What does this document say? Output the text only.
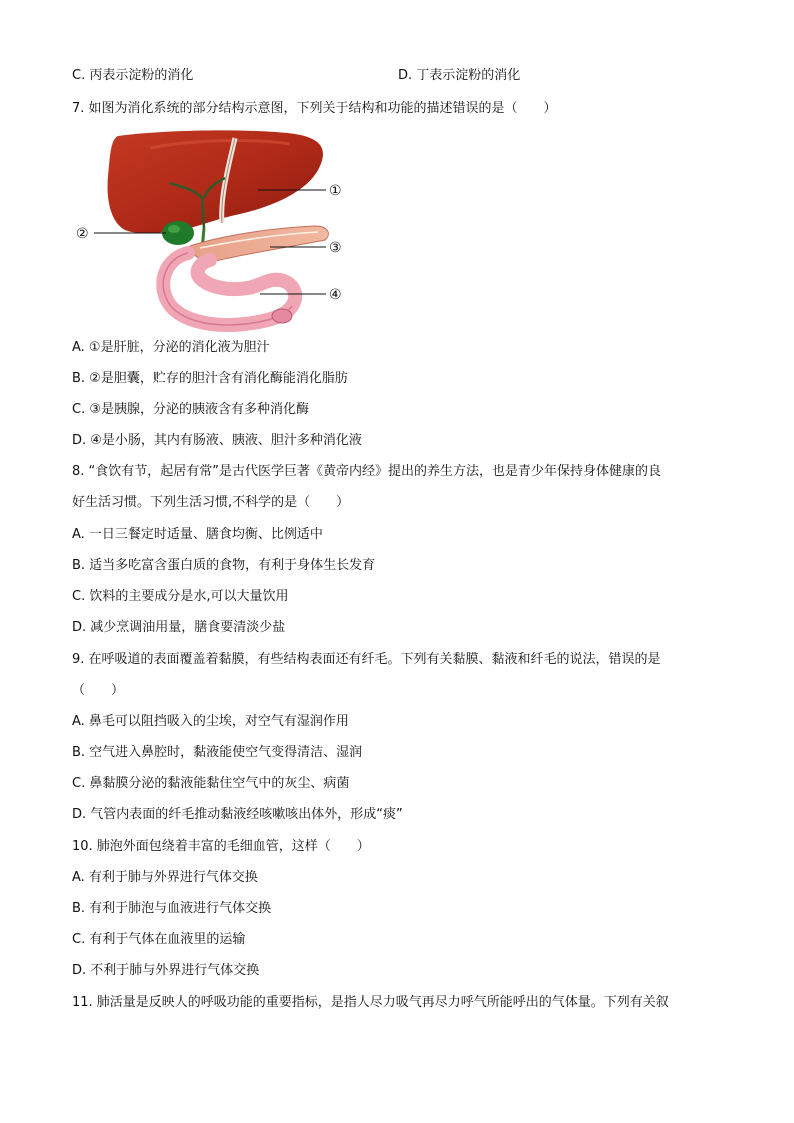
C. 丙表示淀粉的消化	D. 丁表示淀粉的消化
7. 如图为消化系统的部分结构示意图，下列关于结构和功能的描述错误的是（　　）
①
②
③
④
A. ①是肝脏，分泌的消化液为胆汁
B. ②是胆囊，贮存的胆汁含有消化酶能消化脂肪
C. ③是胰腺，分泌的胰液含有多种消化酶
D. ④是小肠，其内有肠液、胰液、胆汁多种消化液
8. “食饮有节，起居有常”是古代医学巨著《黄帝内经》提出的养生方法，也是青少年保持身体健康的良
好生活习惯。下列生活习惯,不科学的是（　　）
A. 一日三餐定时适量、膳食均衡、比例适中
B. 适当多吃富含蛋白质的食物，有利于身体生长发育
C. 饮料的主要成分是水,可以大量饮用
D. 减少烹调油用量，膳食要清淡少盐
9. 在呼吸道的表面覆盖着黏膜，有些结构表面还有纤毛。下列有关黏膜、黏液和纤毛的说法，错误的是
（　　）
A. 鼻毛可以阻挡吸入的尘埃，对空气有湿润作用
B. 空气进入鼻腔时，黏液能使空气变得清洁、湿润
C. 鼻黏膜分泌的黏液能黏住空气中的灰尘、病菌
D. 气管内表面的纤毛推动黏液经咳嗽咳出体外，形成“痰”
10. 肺泡外面包绕着丰富的毛细血管，这样（　　）
A. 有利于肺与外界进行气体交换
B. 有利于肺泡与血液进行气体交换
C. 有利于气体在血液里的运输
D. 不利于肺与外界进行气体交换
11. 肺活量是反映人的呼吸功能的重要指标，是指人尽力吸气再尽力呼气所能呼出的气体量。下列有关叙
